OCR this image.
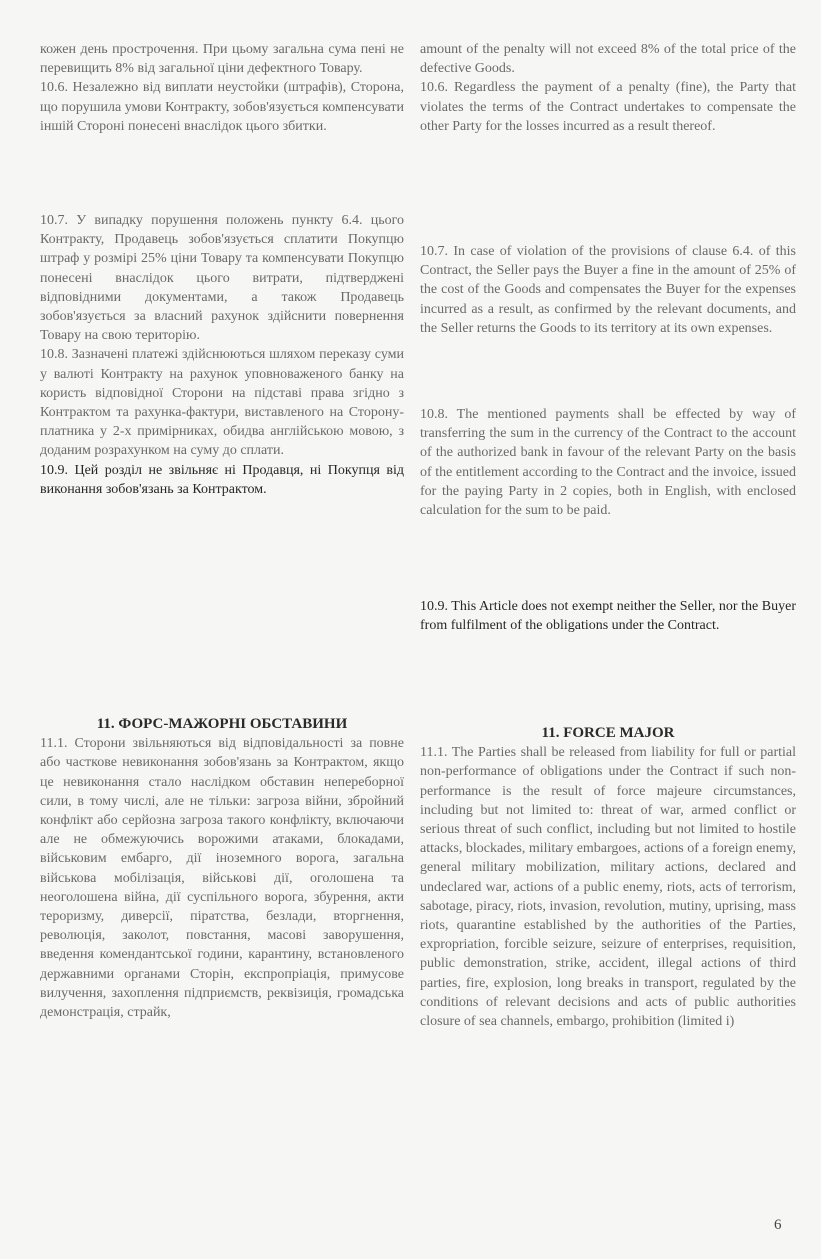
кожен день прострочення. При цьому загальна сума пені не перевищить 8% від загальної ціни дефектного Товару.

10.6. Незалежно від виплати неустойки (штрафів), Сторона, що порушила умови Контракту, зобов'язується компенсувати іншій Стороні понесені внаслідок цього збитки.

10.7. У випадку порушення положень пункту 6.4. цього Контракту, Продавець зобов'язується сплатити Покупцю штраф у розмірі 25% ціни Товару та компенсувати Покупцю понесені внаслідок цього витрати, підтверджені відповідними документами, а також Продавець зобов'язується за власний рахунок здійснити повернення Товару на свою територію.

10.8. Зазначені платежі здійснюються шляхом переказу суми у валюті Контракту на рахунок уповноваженого банку на користь відповідної Сторони на підставі права згідно з Контрактом та рахунка-фактури, виставленого на Сторону-платника у 2-х примірниках, обидва англійською мовою, з доданим розрахунком на суму до сплати.

10.9. Цей розділ не звільняє ні Продавця, ні Покупця від виконання зобов'язань за Контрактом.

11. ФОРС-МАЖОРНІ ОБСТАВИНИ

11.1. Сторони звільняються від відповідальності за повне або часткове невиконання зобов'язань за Контрактом, якщо це невиконання стало наслідком обставин непереборної сили, в тому числі, але не тільки: загроза війни, збройний конфлікт або серйозна загроза такого конфлікту, включаючи але не обмежуючись ворожими атаками, блокадами, військовим ембарго, дії іноземного ворога, загальна військова мобілізація, військові дії, оголошена та неоголошена війна, дії суспільного ворога, збурення, акти тероризму, диверсії, піратства, безлади, вторгнення, революція, заколот, повстання, масові заворушення, введення комендантської години, карантину, встановленого державними органами Сторін, експропріація, примусове вилучення, захоплення підприємств, реквізиція, громадська демонстрація, страйк,

amount of the penalty will not exceed 8% of the total price of the defective Goods.

10.6. Regardless the payment of a penalty (fine), the Party that violates the terms of the Contract undertakes to compensate the other Party for the losses incurred as a result thereof.

10.7. In case of violation of the provisions of clause 6.4. of this Contract, the Seller pays the Buyer a fine in the amount of 25% of the cost of the Goods and compensates the Buyer for the expenses incurred as a result, as confirmed by the relevant documents, and the Seller returns the Goods to its territory at its own expenses.

10.8. The mentioned payments shall be effected by way of transferring the sum in the currency of the Contract to the account of the authorized bank in favour of the relevant Party on the basis of the entitlement according to the Contract and the invoice, issued for the paying Party in 2 copies, both in English, with enclosed calculation for the sum to be paid.

10.9. This Article does not exempt neither the Seller, nor the Buyer from fulfilment of the obligations under the Contract.

11. FORCE MAJOR

11.1. The Parties shall be released from liability for full or partial non-performance of obligations under the Contract if such non-performance is the result of force majeure circumstances, including but not limited to: threat of war, armed conflict or serious threat of such conflict, including but not limited to hostile attacks, blockades, military embargoes, actions of a foreign enemy, general military mobilization, military actions, declared and undeclared war, actions of a public enemy, riots, acts of terrorism, sabotage, piracy, riots, invasion, revolution, mutiny, uprising, mass riots, quarantine established by the authorities of the Parties, expropriation, forcible seizure, seizure of enterprises, requisition, public demonstration, strike, accident, illegal actions of third parties, fire, explosion, long breaks in transport, regulated by the conditions of relevant decisions and acts of public authorities closure of sea channels, embargo, prohibition (limited i)

6
